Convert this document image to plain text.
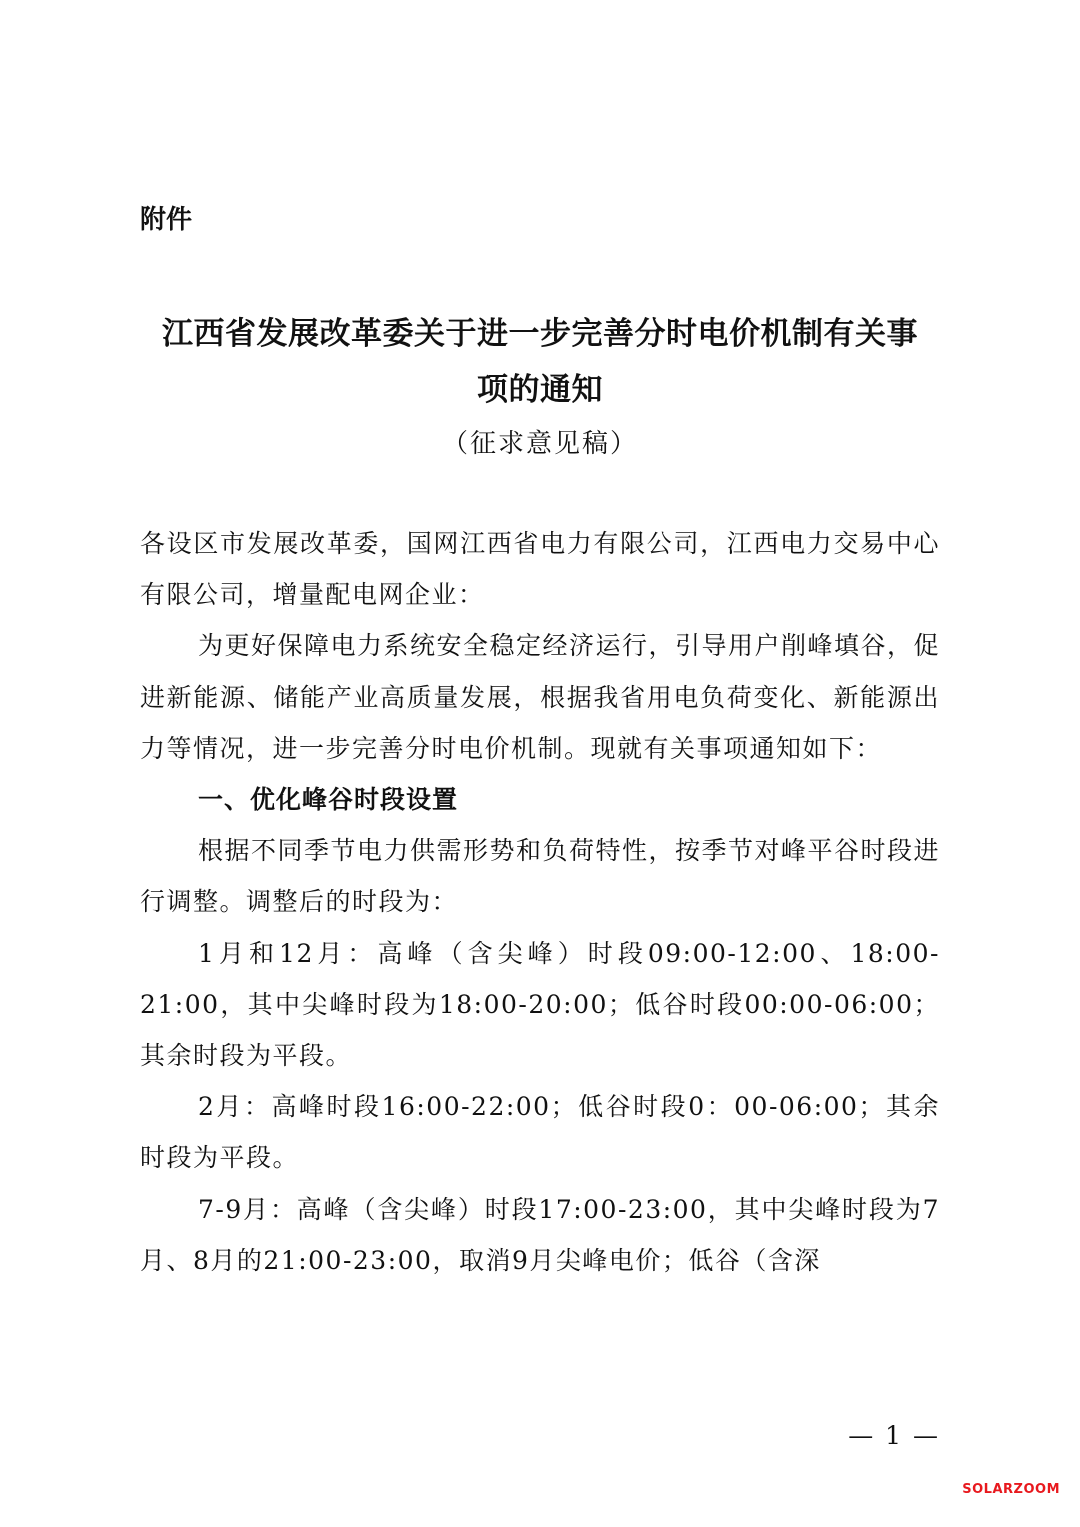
附件
江西省发展改革委关于进一步完善分时电价机制有关事
项的通知
（征求意见稿）

各设区市发展改革委，国网江西省电力有限公司，江西电力交易中心有限公司，增量配电网企业：

为更好保障电力系统安全稳定经济运行，引导用户削峰填谷，促进新能源、储能产业高质量发展，根据我省用电负荷变化、新能源出力等情况，进一步完善分时电价机制。现就有关事项通知如下：

一、优化峰谷时段设置

根据不同季节电力供需形势和负荷特性，按季节对峰平谷时段进行调整。调整后的时段为：

1月和12月：高峰（含尖峰）时段09:00-12:00、18:00-21:00，其中尖峰时段为18:00-20:00；低谷时段00:00-06:00；其余时段为平段。

2月：高峰时段16:00-22:00；低谷时段0：00-06:00；其余时段为平段。

7-9月：高峰（含尖峰）时段17:00-23:00，其中尖峰时段为7月、8月的21:00-23:00，取消9月尖峰电价；低谷（含深

— 1 —
SOLARZOOM
